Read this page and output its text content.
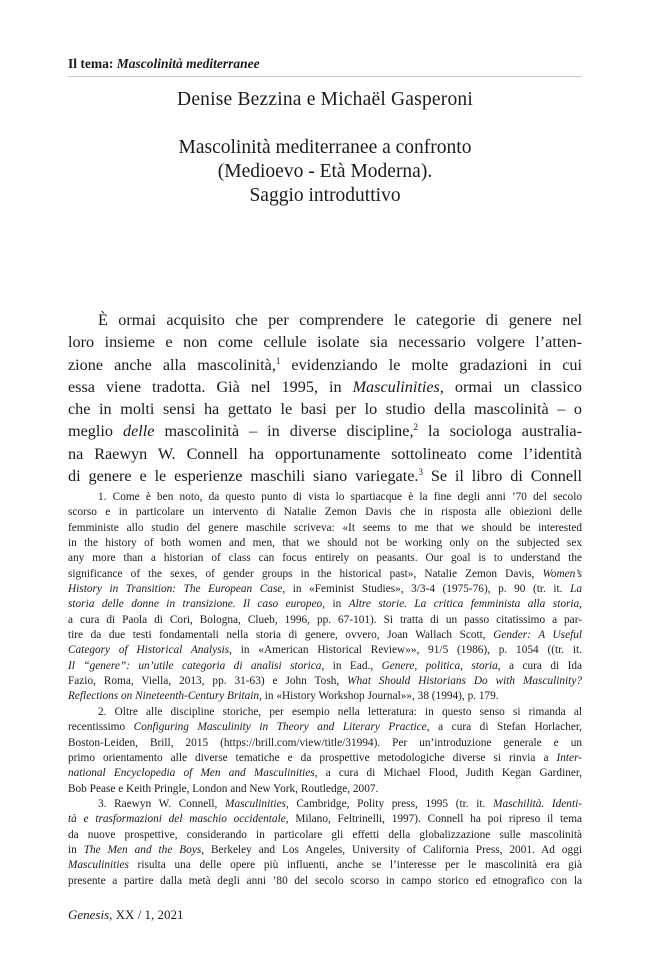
Il tema: Mascolinità mediterranee
Denise Bezzina e Michaël Gasperoni
Mascolinità mediterranee a confronto
(Medioevo - Età Moderna).
Saggio introduttivo
È ormai acquisito che per comprendere le categorie di genere nel
loro insieme e non come cellule isolate sia necessario volgere l’atten-
zione anche alla mascolinità,$^1$ evidenziando le molte gradazioni in cui
essa viene tradotta. Già nel 1995, in Masculinities, ormai un classico
che in molti sensi ha gettato le basi per lo studio della mascolinità – o
meglio delle mascolinità – in diverse discipline,$^2$ la sociologa australia-
na Raewyn W. Connell ha opportunamente sottolineato come l’identità
di genere e le esperienze maschili siano variegate.$^3$ Se il libro di Connell
1. Come è ben noto, da questo punto di vista lo spartiacque è la fine degli anni ’70 del secolo
scorso e in particolare un intervento di Natalie Zemon Davis che in risposta alle obiezioni delle
femministe allo studio del genere maschile scriveva: «It seems to me that we should be interested
in the history of both women and men, that we should not be working only on the subjected sex
any more than a historian of class can focus entirely on peasants. Our goal is to understand the
significance of the sexes, of gender groups in the historical past», Natalie Zemon Davis, Women’s
History in Transition: The European Case, in «Feminist Studies», 3/3-4 (1975-76), p. 90 (tr. it. La
storia delle donne in transizione. Il caso europeo, in Altre storie. La critica femminista alla storia,
a cura di Paola di Cori, Bologna, Clueb, 1996, pp. 67-101). Si tratta di un passo citatissimo a par-
tire da due testi fondamentali nella storia di genere, ovvero, Joan Wallach Scott, Gender: A Useful
Category of Historical Analysis, in «American Historical Review»», 91/5 (1986), p. 1054 ((tr. it.
Il “genere”: un’utile categoria di analisi storica, in Ead., Genere, politica, storia, a cura di Ida
Fazio, Roma, Viella, 2013, pp. 31-63) e John Tosh, What Should Historians Do with Masculinity?
Reflections on Nineteenth-Century Britain, in «History Workshop Journal»», 38 (1994), p. 179.
2. Oltre alle discipline storiche, per esempio nella letteratura: in questo senso si rimanda al
recentissimo Configuring Masculinity in Theory and Literary Practice, a cura di Stefan Horlacher,
Boston-Leiden, Brill, 2015 (https://brill.com/view/title/31994). Per un’introduzione generale e un
primo orientamento alle diverse tematiche e da prospettive metodologiche diverse si rinvia a Inter-
national Encyclopedia of Men and Masculinities, a cura di Michael Flood, Judith Kegan Gardiner,
Bob Pease e Keith Pringle, London and New York, Routledge, 2007.
3. Raewyn W. Connell, Masculinities, Cambridge, Polity press, 1995 (tr. it. Maschilità. Identi-
tà e trasformazioni del maschio occidentale, Milano, Feltrinelli, 1997). Connell ha poi ripreso il tema
da nuove prospettive, considerando in particolare gli effetti della globalizzazione sulle mascolinità
in The Men and the Boys, Berkeley and Los Angeles, University of California Press, 2001. Ad oggi
Masculinities risulta una delle opere più influenti, anche se l’interesse per le mascolinità era già
presente a partire dalla metà degli anni ’80 del secolo scorso in campo storico ed etnografico con la
Genesis, XX / 1, 2021
